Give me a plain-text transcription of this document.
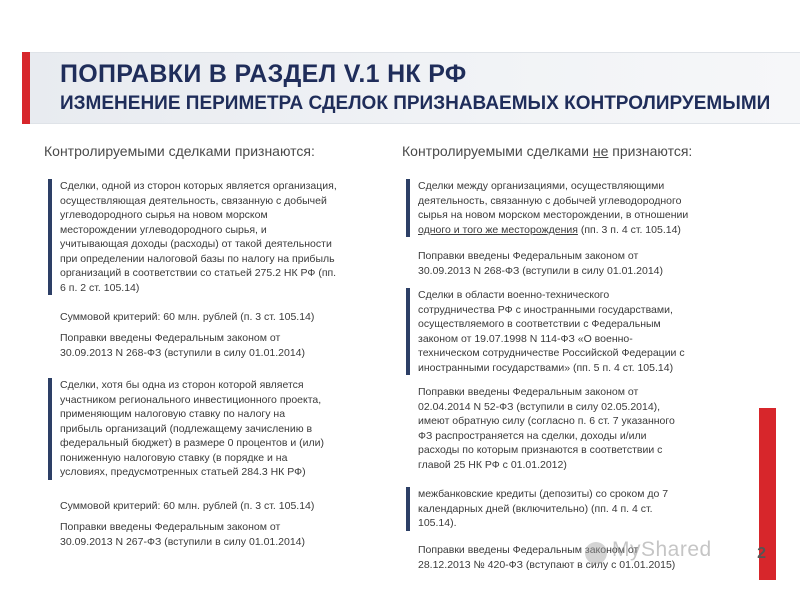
ПОПРАВКИ В РАЗДЕЛ V.1 НК РФ
ИЗМЕНЕНИЕ ПЕРИМЕТРА СДЕЛОК ПРИЗНАВАЕМЫХ КОНТРОЛИРУЕМЫМИ
Контролируемыми сделками признаются:	Контролируемыми сделками не признаются:
Сделки, одной из сторон которых является организация,
осуществляющая деятельность, связанную с добычей
углеводородного сырья на новом морском
месторождении углеводородного сырья, и
учитывающая доходы (расходы) от такой деятельности
при определении налоговой базы по налогу на прибыль
организаций в соответствии со статьей 275.2 НК РФ (пп.
6 п. 2 ст. 105.14)
Суммовой критерий: 60 млн. рублей (п. 3 ст. 105.14)
Поправки введены Федеральным законом от
30.09.2013 N 268-ФЗ (вступили в силу 01.01.2014)
Сделки, хотя бы одна из сторон которой является
участником регионального инвестиционного проекта,
применяющим налоговую ставку по налогу на
прибыль организаций (подлежащему зачислению в
федеральный бюджет) в размере 0 процентов и (или)
пониженную налоговую ставку (в порядке и на
условиях, предусмотренных статьей 284.3 НК РФ)
Суммовой критерий: 60 млн. рублей (п. 3 ст. 105.14)
Поправки введены Федеральным законом от
30.09.2013 N 267-ФЗ (вступили в силу 01.01.2014)
Сделки между организациями, осуществляющими
деятельность, связанную с добычей углеводородного
сырья на новом морском месторождении, в отношении
одного и того же месторождения (пп. 3 п. 4 ст. 105.14)
Поправки введены Федеральным законом от
30.09.2013 N 268-ФЗ (вступили в силу 01.01.2014)
Сделки в области военно-технического
сотрудничества РФ с иностранными государствами,
осуществляемого в соответствии с Федеральным
законом от 19.07.1998 N 114-ФЗ «О военно-
техническом сотрудничестве Российской Федерации с
иностранными государствами» (пп. 5 п. 4 ст. 105.14)
Поправки введены Федеральным законом от
02.04.2014 N 52-ФЗ (вступили в силу 02.05.2014),
имеют обратную силу (согласно п. 6 ст. 7 указанного
ФЗ распространяется на сделки, доходы и/или
расходы по которым признаются в соответствии с
главой 25 НК РФ с 01.01.2012)
межбанковские кредиты (депозиты) со сроком до 7
календарных дней (включительно) (пп. 4 п. 4 ст.
105.14).
Поправки введены Федеральным законом от
28.12.2013 № 420-ФЗ (вступают в силу с 01.01.2015)
MyShared	2
